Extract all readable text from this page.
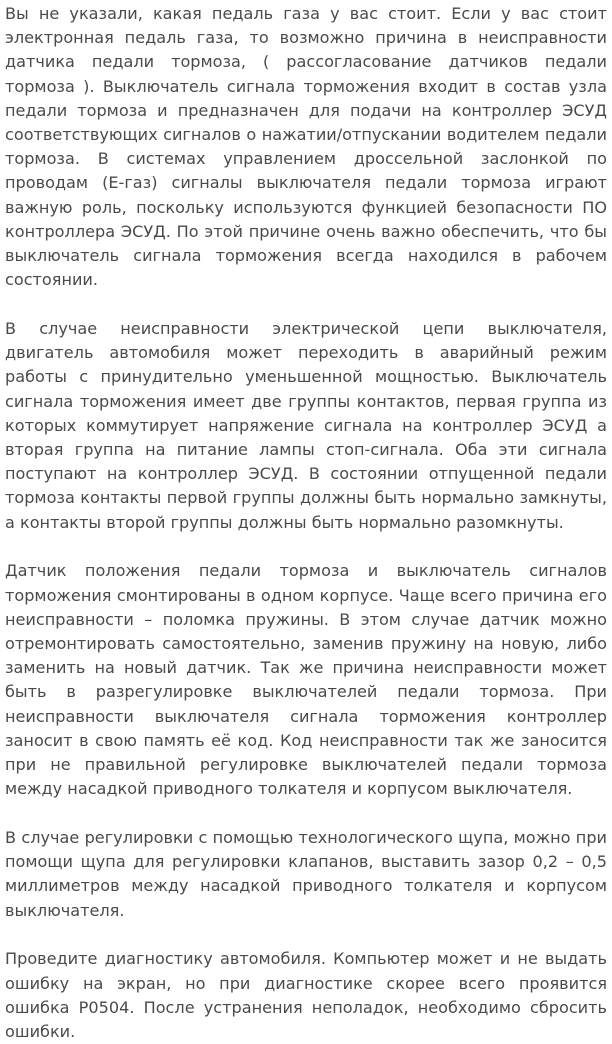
Вы не указали, какая педаль газа у вас стоит. Если у вас стоит электронная педаль газа, то возможно причина в неисправности датчика педали тормоза, ( рассогласование датчиков педали тормоза ). Выключатель сигнала торможения входит в состав узла педали тормоза и предназначен для подачи на контроллер ЭСУД соответствующих сигналов о нажатии/отпускании водителем педали тормоза. В системах управлением дроссельной заслонкой по проводам (E-газ) сигналы выключателя педали тормоза играют важную роль, поскольку используются функцией безопасности ПО контроллера ЭСУД. По этой причине очень важно обеспечить, что бы выключатель сигнала торможения всегда находился в рабочем состоянии.

В случае неисправности электрической цепи выключателя, двигатель автомобиля может переходить в аварийный режим работы с принудительно уменьшенной мощностью. Выключатель сигнала торможения имеет две группы контактов, первая группа из которых коммутирует напряжение сигнала на контроллер ЭСУД а вторая группа на питание лампы стоп-сигнала. Оба эти сигнала поступают на контроллер ЭСУД. В состоянии отпущенной педали тормоза контакты первой группы должны быть нормально замкнуты, а контакты второй группы должны быть нормально разомкнуты.

Датчик положения педали тормоза и выключатель сигналов торможения смонтированы в одном корпусе. Чаще всего причина его неисправности – поломка пружины. В этом случае датчик можно отремонтировать самостоятельно, заменив пружину на новую, либо заменить на новый датчик. Так же причина неисправности может быть в разрегулировке выключателей педали тормоза. При неисправности выключателя сигнала торможения контроллер заносит в свою память её код. Код неисправности так же заносится при не правильной регулировке выключателей педали тормоза между насадкой приводного толкателя и корпусом выключателя.

В случае регулировки с помощью технологического щупа, можно при помощи щупа для регулировки клапанов, выставить зазор 0,2 – 0,5 миллиметров между насадкой приводного толкателя и корпусом выключателя.

Проведите диагностику автомобиля. Компьютер может и не выдать ошибку на экран, но при диагностике скорее всего проявится ошибка P0504. После устранения неполадок, необходимо сбросить ошибки.
